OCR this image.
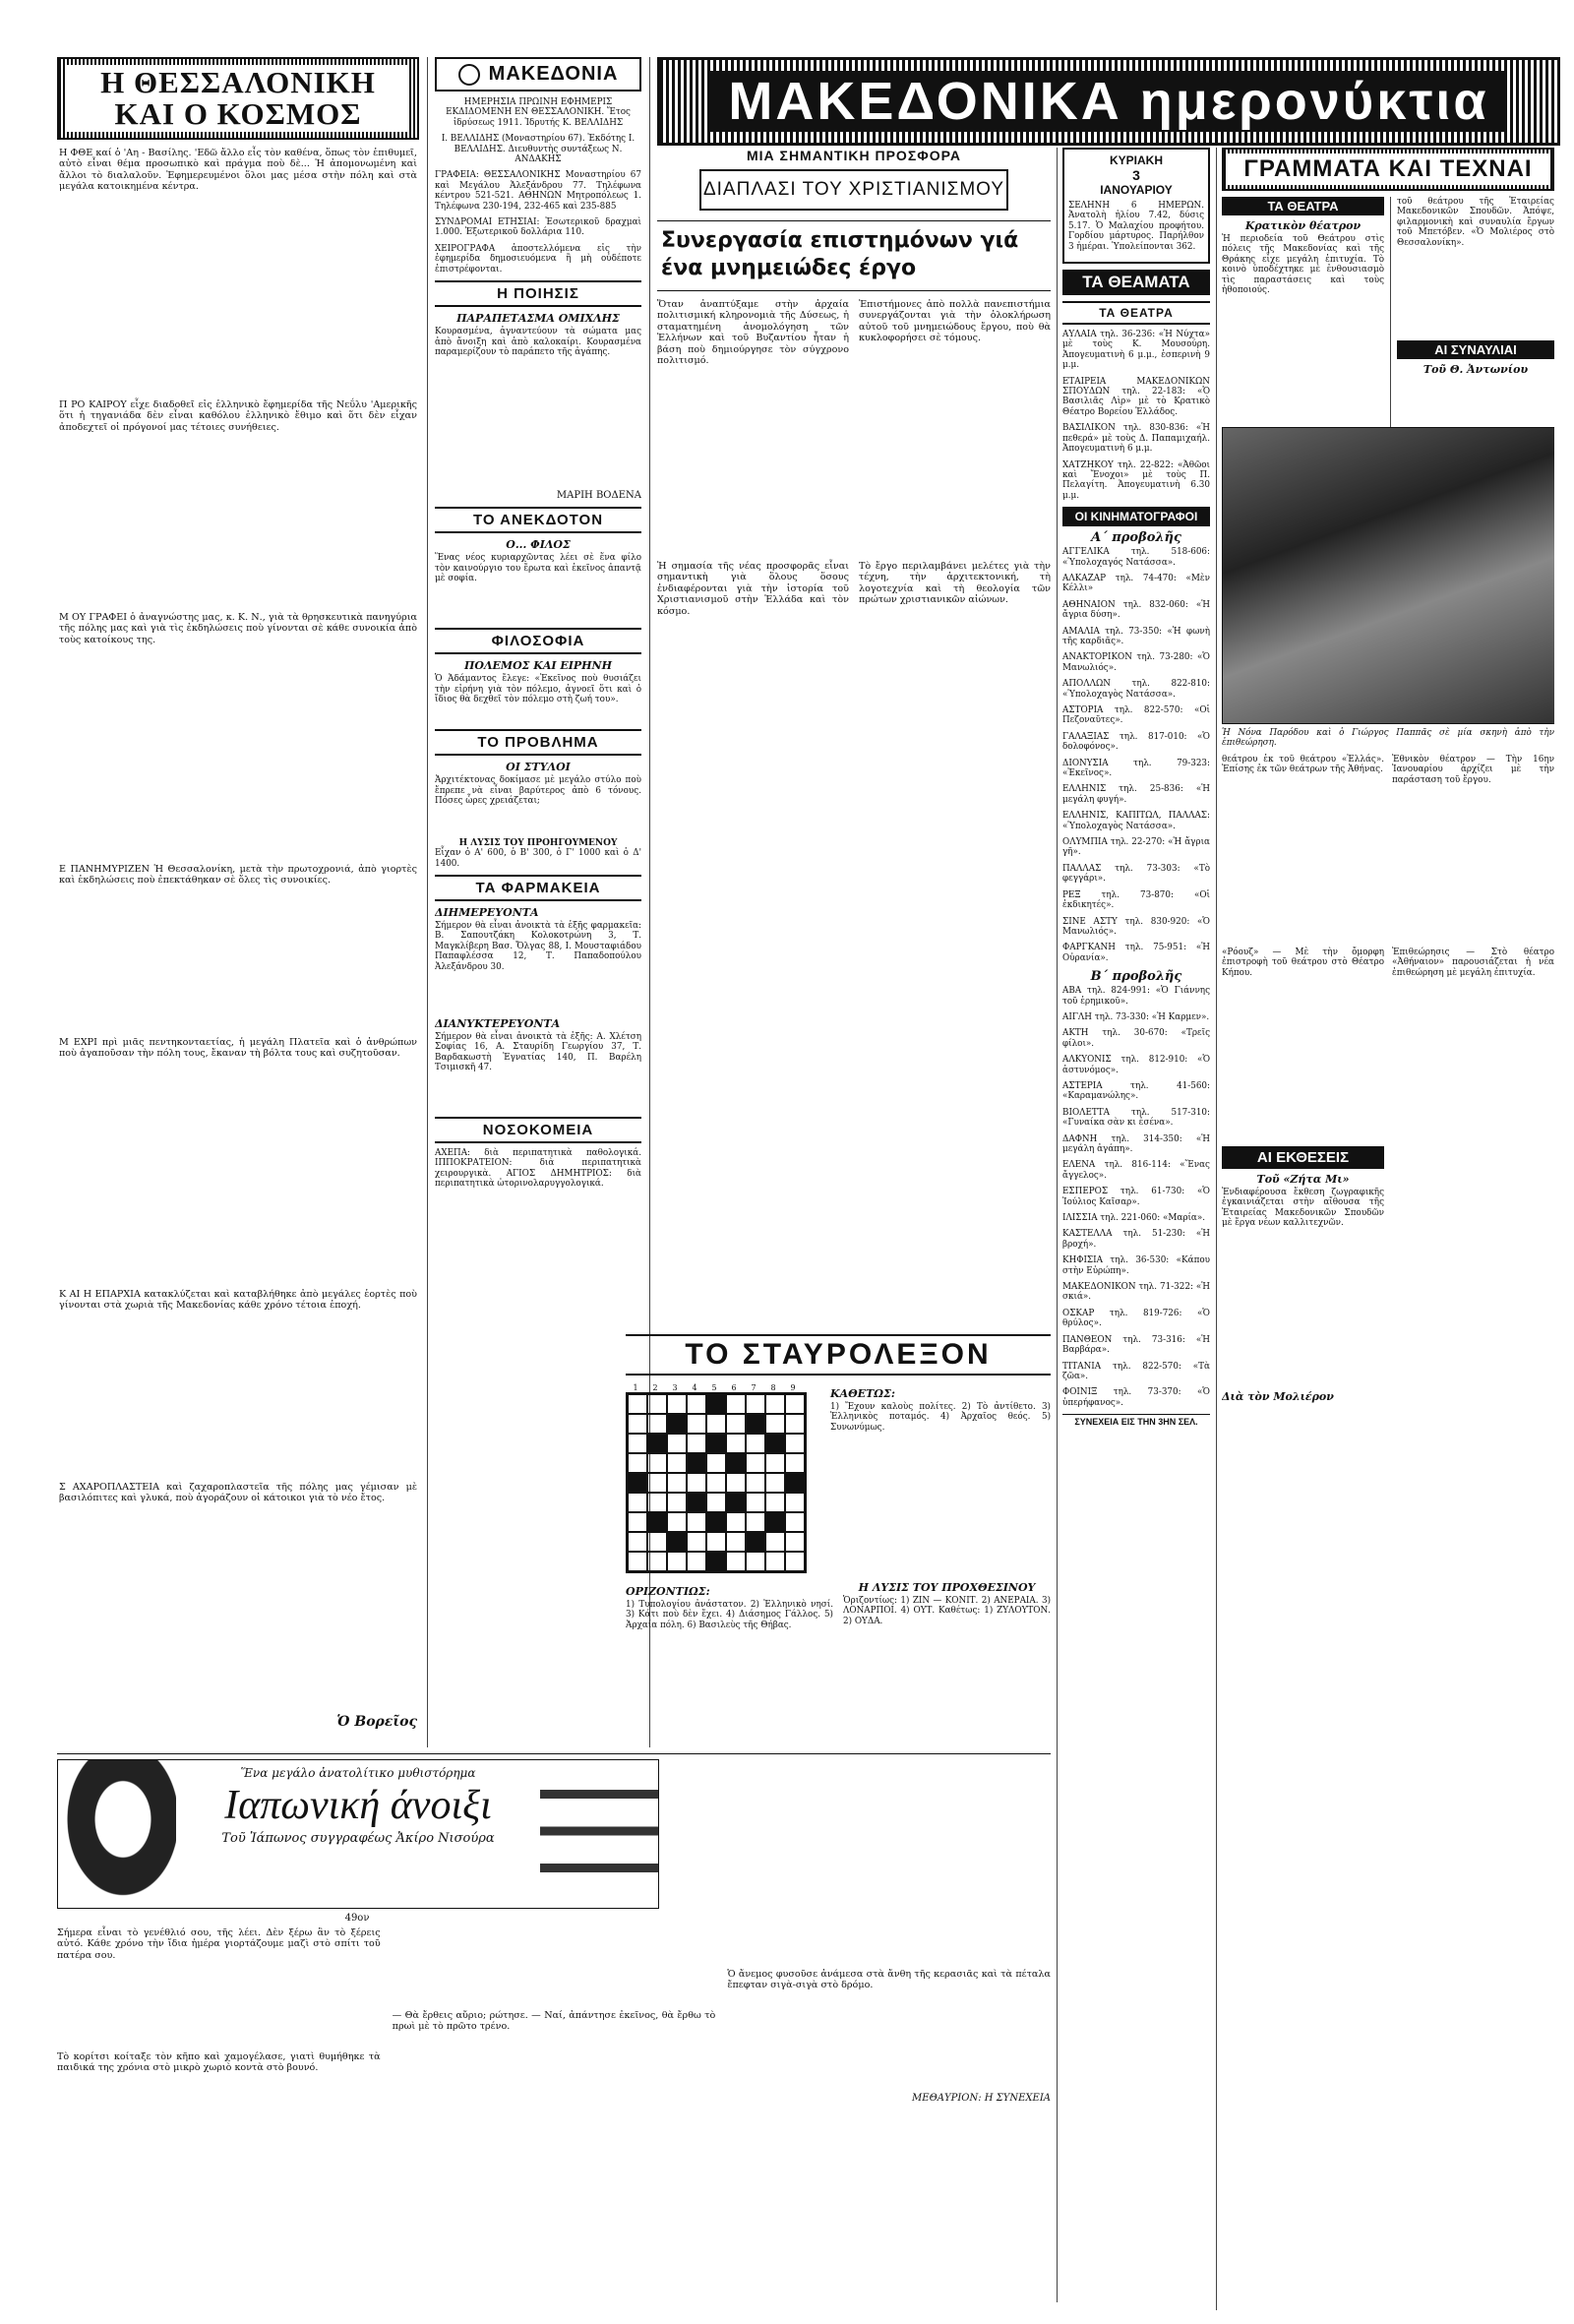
Η ΘΕΣΣΑΛΟΝΙΚΗ ΚΑΙ Ο ΚΟΣΜΟΣ

Η ΦΘΕ καί ὁ 'Αη - Βασίλης. 'Εδῶ ἄλλο εἶς τὸν καθένα, ὅπως τὸν ἐπιθυμεῖ, αὐτὸ εἶναι θέμα προσωπικὸ καὶ πράγμα ποὺ δὲ... Ἡ ἀπομονωμένη καὶ ἄλλοι τὸ διαλαλοῦν. Ἐφημερευμένοι ὅλοι μας μέσα στὴν πόλη καὶ στὰ μεγάλα κατοικημένα κέντρα.

Π ΡΟ ΚΑΙΡΟΥ εἶχε διαδοθεῖ εἰς ἑλληνικὸ ἔφημερίδα τῆς Νεΰλυ 'Αμερικῆς ὅτι ἡ τηγανιάδα δὲν εἶναι καθόλου ἑλληνικὸ ἔθιμο καὶ ὅτι δὲν εἶχαν ἀποδεχτεῖ οἱ πρόγονοί μας τέτοιες συνήθειες.

Μ ΟΥ ΓΡΑΦΕΙ ὁ ἀναγνώστης μας, κ. Κ. Ν., γιὰ τὰ θρησκευτικὰ πανηγύρια τῆς πόλης μας καὶ γιὰ τὶς ἐκδηλώσεις ποὺ γίνονται σὲ κάθε συνοικία ἀπὸ τοὺς κατοίκους της.

Ε ΠΑΝΗΜΥΡΙΖΕΝ Ἡ Θεσσαλονίκη, μετὰ τὴν πρωτοχρονιά, ἀπὸ γιορτὲς καὶ ἐκδηλώσεις ποὺ ἐπεκτάθηκαν σὲ ὅλες τὶς συνοικίες.

Μ ΕΧΡΙ πρὶ μιᾶς πεντηκονταετίας, ἡ μεγάλη Πλατεῖα καὶ ὁ ἀνθρώπων ποὺ ἀγαποῦσαν τὴν πόλη τους, ἔκαναν τὴ βόλτα τους καὶ συζητοῦσαν.

Κ ΑΙ Η ΕΠΑΡΧΙΑ κατακλύζεται καὶ καταβλήθηκε ἀπὸ μεγάλες ἑορτὲς ποὺ γίνονται στὰ χωριὰ τῆς Μακεδονίας κάθε χρόνο τέτοια ἐποχή.

Σ ΑΧΑΡΟΠΛΑΣΤΕΙΑ καὶ ζαχαροπλαστεῖα τῆς πόλης μας γέμισαν μὲ βασιλόπιτες καὶ γλυκά, ποὺ ἀγοράζουν οἱ κάτοικοι γιὰ τὸ νέο ἔτος.

Ὁ Βορεῖος
ΜΑΚΕΔΟΝΙΑ

ΗΜΕΡΗΣΙΑ ΠΡΩΙΝΗ ΕΦΗΜΕΡΙΣ ΕΚΔΙΔΟΜΕΝΗ ΕΝ ΘΕΣΣΑΛΟΝΙΚΗ. Ἔτος ἱδρύσεως 1911. Ἱδρυτής Κ. ΒΕΛΛΙΔΗΣ

Ι. ΒΕΛΛΙΔΗΣ (Μοναστηρίου 67). Ἐκδότης Ι. ΒΕΛΛΙΔΗΣ. Διευθυντὴς συντάξεως Ν. ΑΝΔΑΚΗΣ

ΓΡΑΦΕΙΑ: ΘΕΣΣΑΛΟΝΙΚΗΣ Μοναστηρίου 67 καὶ Μεγάλου Ἀλεξάνδρου 77. Τηλέφωνα κέντρου 521-521. ΑΘΗΝΩΝ Μητροπόλεως 1. Τηλέφωνα 230-194, 232-465 καὶ 235-885

ΣΥΝΔΡΟΜΑΙ ΕΤΗΣΙΑΙ: Ἐσωτερικοῦ δραχμαὶ 1.000. Ἐξωτερικοῦ δολλάρια 110.

ΧΕΙΡΟΓΡΑΦΑ ἀποστελλόμενα εἰς τὴν ἐφημερίδα δημοσιευόμενα ἢ μὴ οὐδέποτε ἐπιστρέφονται.

Η ΠΟΙΗΣΙΣ
ΠΑΡΑΠΕΤΑΣΜΑ ΟΜΙΧΛΗΣ

Κουρασμένα, ἀγναντεύουν τὰ σώματα μας ἀπὸ ἄνοιξη καὶ ἀπὸ καλοκαίρι. Κουρασμένα παραμερίζουν τὸ παράπετο τῆς ἀγάπης.

ΜΑΡΙΗ ΒΟΔΕΝΑ
ΤΟ ΑΝΕΚΔΟΤΟΝ
Ο... ΦΙΛΟΣ

Ἕνας νέος κυριαρχῶντας λέει σὲ ἕνα φίλο τὸν καινούργιο του ἔρωτα καὶ ἐκεῖνος ἀπαντᾷ μὲ σοφία.

ΦΙΛΟΣΟΦΙΑ
ΠΟΛΕΜΟΣ ΚΑΙ ΕΙΡΗΝΗ

Ὁ Ἀδάμαντος ἔλεγε: «Ἐκεῖνος ποὺ θυσιάζει τὴν εἰρήνη γιὰ τὸν πόλεμο, ἀγνοεῖ ὅτι καὶ ὁ ἴδιος θὰ δεχθεῖ τὸν πόλεμο στὴ ζωή του».

ΤΟ ΠΡΟΒΛΗΜΑ
ΟΙ ΣΤΥΛΟΙ

Ἀρχιτέκτονας δοκίμασε μὲ μεγάλο στύλο ποὺ ἔπρεπε νὰ εἶναι βαρύτερος ἀπὸ 6 τόνους. Πόσες ὧρες χρειάζεται;

Η ΛΥΣΙΣ ΤΟΥ ΠΡΟΗΓΟΥΜΕΝΟΥ

Εἶχαν ὁ Α' 600, ὁ Β' 300, ὁ Γ' 1000 καὶ ὁ Δ' 1400.

ΤΑ ΦΑΡΜΑΚΕΙΑ
ΔΙΗΜΕΡΕΥΟΝΤΑ

Σήμερον θὰ εἶναι ἀνοικτὰ τὰ ἑξῆς φαρμακεῖα: Β. Σαπουτζάκη Κολοκοτρώνη 3, Τ. Μαγκλίβερη Βασ. Ὄλγας 88, Ι. Μουσταφιάδου Παπαφλέσσα 12, Τ. Παπαδοπούλου Ἀλεξάνδρου 30.

ΔΙΑΝΥΚΤΕΡΕΥΟΝΤΑ

Σήμερον θὰ εἶναι ἀνοικτὰ τὰ ἑξῆς: Α. Χλέτση Σοφίας 16, Α. Σταυρίδη Γεωργίου 37, Τ. Βαρδακωστὴ Ἐγνατίας 140, Π. Βαρέλη Τσιμισκῆ 47.

ΝΟΣΟΚΟΜΕΙΑ

ΑΧΕΠΑ: διὰ περιπατητικὰ παθολογικά. ΙΠΠΟΚΡΑΤΕΙΟΝ: διὰ περιπατητικὰ χειρουργικὰ. ΑΓΙΟΣ ΔΗΜΗΤΡΙΟΣ: διὰ περιπατητικὰ ὠτορινολαρυγγολογικά.

ΜΑΚΕΔΟΝΙΚΑ ημερονύκτια
ΜΙΑ ΣΗΜΑΝΤΙΚΗ ΠΡΟΣΦΟΡΑ
ΔΙΑΠΛΑΣΙ ΤΟΥ ΧΡΙΣΤΙΑΝΙΣΜΟΥ
Συνεργασία επιστημόνων γιά ένα μνημειώδες έργο

Ὅταν ἀναπτύξαμε στὴν ἀρχαία πολιτισμική κληρονομιὰ τῆς Δύσεως, ἡ σταματημένη ἀνομολόγηση τῶν Ἑλλήνων καὶ τοῦ Βυζαντίου ἦταν ἡ βάση ποὺ δημιούργησε τὸν σύγχρονο πολιτισμό.

Ἡ σημασία τῆς νέας προσφορᾶς εἶναι σημαντικὴ γιὰ ὅλους ὅσους ἐνδιαφέρονται γιὰ τὴν ἱστορία τοῦ Χριστιανισμοῦ στὴν Ἑλλάδα καὶ τὸν κόσμο.

Ἐπιστήμονες ἀπὸ πολλὰ πανεπιστήμια συνεργάζονται γιὰ τὴν ὁλοκλήρωση αὐτοῦ τοῦ μνημειώδους ἔργου, ποὺ θὰ κυκλοφορήσει σὲ τόμους.

Τὸ ἔργο περιλαμβάνει μελέτες γιὰ τὴν τέχνη, τὴν ἀρχιτεκτονική, τὴ λογοτεχνία καὶ τὴ θεολογία τῶν πρώτων χριστιανικῶν αἰώνων.

ΤΟ ΣΤΑΥΡΟΛΕΞΟΝ
1	2	3	4	5	6	7	8	9	ΚΑΘΕΤΩΣ:

1) Ἔχουν καλοὺς πολίτες. 2) Τὸ ἀντίθετο. 3) Ἑλληνικὸς ποταμός. 4) Ἀρχαῖος θεός. 5) Συνωνύμως.

ΟΡΙΖΟΝΤΙΩΣ:

1) Τυπολογίου ἀνάστατον. 2) Ἐλληνικὸ νησί. 3) Κάτι ποὺ δὲν ἔχει. 4) Διάσημος Γάλλος. 5) Ἀρχαία πόλη. 6) Βασιλεὺς τῆς Θήβας.

Η ΛΥΣΙΣ ΤΟΥ ΠΡΟΧΘΕΣΙΝΟΥ

Ὁριζοντίως: 1) ΖΙΝ — ΚΟΝΙΤ. 2) ΑΝΕΡΑΙΑ. 3) ΛΟΝΑΡΠΟΙ. 4) ΟΥΤ. Καθέτως: 1) ΖΥΛΟΥΤΟΝ. 2) ΟΥΔΑ.

ΚΥΡΙΑΚΗ
3
ΙΑΝΟΥΑΡΙΟΥ

ΣΕΛΗΝΗ 6 ΗΜΕΡΩΝ. Ἀνατολὴ ἡλίου 7.42, δύσις 5.17. Ὁ Μαλαχίου προφήτου. Γορδίου μάρτυρος. Παρήλθον 3 ἡμέραι. Ὑπολείπονται 362.

ΤΑ ΘΕΑΜΑΤΑ
ΤΑ ΘΕΑΤΡΑ

ΑΥΛΑΙΑ τηλ. 36-236: «Ἡ Νύχτα» μὲ τοὺς Κ. Μουσούρη. Ἀπογευματινὴ 6 μ.μ., ἑσπερινὴ 9 μ.μ.

ΕΤΑΙΡΕΙΑ ΜΑΚΕΔΟΝΙΚΩΝ ΣΠΟΥΔΩΝ τηλ. 22-183: «Ὁ Βασιλιᾶς Λὶρ» μὲ τὸ Κρατικὸ Θέατρο Βορείου Ἑλλάδος.

ΒΑΣΙΛΙΚΟΝ τηλ. 830-836: «Ἡ πεθερά» μὲ τοὺς Δ. Παπαμιχαήλ. Ἀπογευματινὴ 6 μ.μ.

ΧΑΤΖΗΚΟΥ τηλ. 22-822: «Ἀθῶοι καὶ Ἔνοχοι» μὲ τοὺς Π. Πελαγίτη. Ἀπογευματινὴ 6.30 μ.μ.

ΟΙ ΚΙΝΗΜΑΤΟΓΡΑΦΟΙ
Α΄ προβολῆς

ΑΓΓΕΛΙΚΑ τηλ. 518-606: «Ὑπολοχαγός Νατάσσα».

ΑΛΚΑΖΑΡ τηλ. 74-470: «Μὲν Κέλλι»

ΑΘΗΝΑΙΟΝ τηλ. 832-060: «Ἡ ἄγρια δύση».

ΑΜΑΛΙΑ τηλ. 73-350: «Ἡ φωνὴ τῆς καρδιᾶς».

ΑΝΑΚΤΟΡΙΚΟΝ τηλ. 73-280: «Ὁ Μανωλιός».

ΑΠΟΛΛΩΝ τηλ. 822-810: «Ὑπολοχαγὸς Νατάσσα».

ΑΣΤΟΡΙΑ τηλ. 822-570: «Οἱ Πεζοναῦτες».

ΓΑΛΑΞΙΑΣ τηλ. 817-010: «Ὁ δολοφόνος».

ΔΙΟΝΥΣΙΑ τηλ. 79-323: «Ἐκεῖνος».

ΕΛΛΗΝΙΣ τηλ. 25-836: «Ἡ μεγάλη φυγή».

ΕΛΛΗΝΙΣ, ΚΑΠΙΤΩΛ, ΠΑΛΛΑΣ: «Ὑπολοχαγὸς Νατάσσα».

ΟΛΥΜΠΙΑ τηλ. 22-270: «Ἡ ἄγρια γῆ».

ΠΑΛΛΑΣ τηλ. 73-303: «Τὸ φεγγάρι».

ΡΕΞ τηλ. 73-870: «Οἱ ἐκδικητές».

ΣΙΝΕ ΑΣΤΥ τηλ. 830-920: «Ὁ Μανωλιός».

ΦΑΡΓΚΑΝΗ τηλ. 75-951: «Ἡ Οὐρανία».

Β΄ προβολῆς

ΑΒΑ τηλ. 824-991: «Ὁ Γιάννης τοῦ ἐρημικοῦ».

ΑΙΓΛΗ τηλ. 73-330: «Ἡ Καρμεν».

ΑΚΤΗ τηλ. 30-670: «Τρεῖς φίλοι».

ΑΛΚΥΟΝΙΣ τηλ. 812-910: «Ὁ ἀστυνόμος».

ΑΣΤΕΡΙΑ τηλ. 41-560: «Καραμανώλης».

ΒΙΟΛΕΤΤΑ τηλ. 517-310: «Γυναίκα σὰν κι ἐσένα».

ΔΑΦΝΗ τηλ. 314-350: «Ἡ μεγάλη ἀγάπη».

ΕΛΕΝΑ τηλ. 816-114: «Ἕνας ἄγγελος».

ΕΣΠΕΡΟΣ τηλ. 61-730: «Ὁ Ἰούλιος Καῖσαρ».

ΙΛΙΣΣΙΑ τηλ. 221-060: «Μαρία».

ΚΑΣΤΕΛΛΑ τηλ. 51-230: «Ἡ βροχή».

ΚΗΦΙΣΙΑ τηλ. 36-530: «Κάπου στὴν Εὐρώπη».

ΜΑΚΕΔΟΝΙΚΟΝ τηλ. 71-322: «Ἡ σκιά».

ΟΣΚΑΡ τηλ. 819-726: «Ὁ θρύλος».

ΠΑΝΘΕΟΝ τηλ. 73-316: «Ἡ Βαρβάρα».

ΤΙΤΑΝΙΑ τηλ. 822-570: «Τὰ ζῶα».

ΦΟΙΝΙΞ τηλ. 73-370: «Ὁ ὑπερήφανος».

ΣΥΝΕΧΕΙΑ ΕΙΣ ΤΗΝ 3ΗΝ ΣΕΛ.
ΓΡΑΜΜΑΤΑ ΚΑΙ ΤΕΧΝΑΙ
ΤΑ ΘΕΑΤΡΑ
Κρατικὸν θέατρον

Ἡ περιοδεία τοῦ Θεάτρου στὶς πόλεις τῆς Μακεδονίας καὶ τῆς Θράκης εἶχε μεγάλη ἐπιτυχία. Τὸ κοινὸ ὑποδέχτηκε μὲ ἐνθουσιασμὸ τὶς παραστάσεις καὶ τοὺς ἠθοποιούς.

τοῦ θεάτρου τῆς Ἑταιρείας Μακεδονικῶν Σπουδῶν. Ἀπόψε, φιλαρμονικὴ καὶ συναυλία ἔργων τοῦ Μπετόβεν. «Ὁ Μολιέρος στὸ Θεσσαλονίκη».

ΑΙ ΣΥΝΑΥΛΙΑΙ
Τοῦ Θ. Ἀντωνίου

Ἡ Νόνα Παρόδου καὶ ὁ Γιώργος Παππᾶς σὲ μία σκηνὴ ἀπὸ τὴν ἐπιθεώρηση.

θεάτρου ἐκ τοῦ θεάτρου «Ἐλλάς». Ἐπίσης ἐκ τῶν θεάτρων τῆς Ἀθήνας.

«Ρόουζ» — Μὲ τὴν ὄμορφη ἐπιστροφὴ τοῦ θεάτρου στὸ Θέατρο Κήπου.

Ἐθνικὸν θέατρον — Τὴν 16ην Ἰανουαρίου ἀρχίζει μὲ τὴν παράσταση τοῦ ἔργου.

Ἐπιθεώρησις — Στὸ θέατρο «Ἀθήναιον» παρουσιάζεται ἡ νέα ἐπιθεώρηση μὲ μεγάλη ἐπιτυχία.

ΑΙ ΕΚΘΕΣΕΙΣ
Τοῦ «Ζήτα Μι»

Ἐνδιαφέρουσα ἔκθεση ζωγραφικῆς ἐγκαινιάζεται στὴν αἴθουσα τῆς Ἑταιρείας Μακεδονικῶν Σπουδῶν μὲ ἔργα νέων καλλιτεχνῶν.

Διὰ τὸν Μολιέρον
Ἕνα μεγάλο ἀνατολίτικο μυθιστόρημα
Ιαπωνική άνοιξι
Τοῦ Ἰάπωνος συγγραφέως Ἀκίρο Νισούρα
49ον

Σήμερα εἶναι τὸ γενέθλιό σου, τῆς λέει. Δὲν ξέρω ἂν τὸ ξέρεις αὐτό. Κάθε χρόνο τὴν ἴδια ἡμέρα γιορτάζουμε μαζὶ στὸ σπίτι τοῦ πατέρα σου.

Τὸ κορίτσι κοίταξε τὸν κῆπο καὶ χαμογέλασε, γιατὶ θυμήθηκε τὰ παιδικά της χρόνια στὸ μικρὸ χωριὸ κοντὰ στὸ βουνό.

— Θὰ ἔρθεις αὔριο; ρώτησε. — Ναί, ἀπάντησε ἐκεῖνος, θὰ ἔρθω τὸ πρωὶ μὲ τὸ πρῶτο τρένο.

Ὁ ἄνεμος φυσοῦσε ἀνάμεσα στὰ ἄνθη τῆς κερασιᾶς καὶ τὰ πέταλα ἔπεφταν σιγὰ-σιγὰ στὸ δρόμο.

ΜΕΘΑΥΡΙΟΝ: Η ΣΥΝΕΧΕΙΑ
